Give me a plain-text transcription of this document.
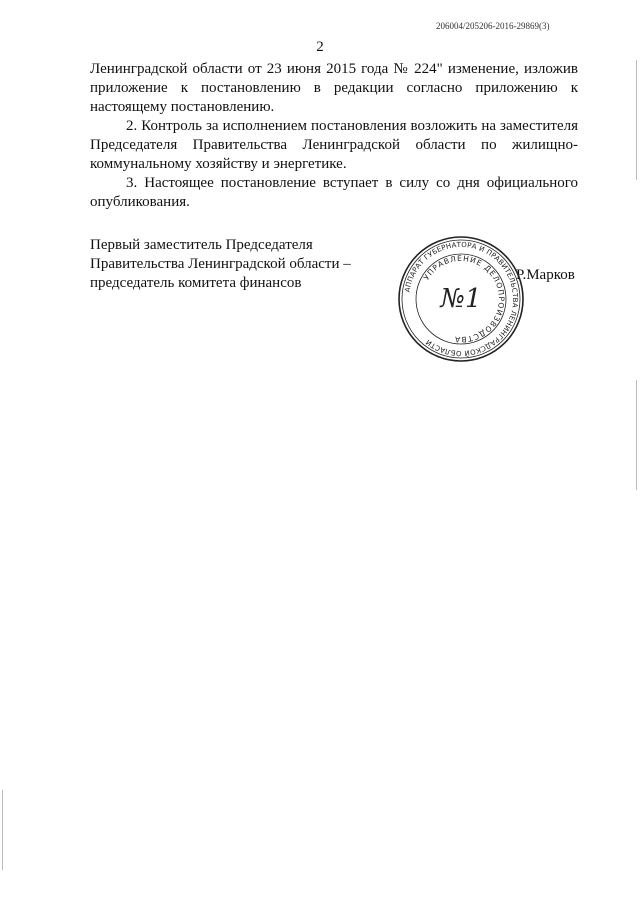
206004/205206-2016-29869(3)
2

Ленинградской области от 23 июня 2015 года № 224" изменение, изложив приложение к постановлению в редакции согласно приложению к настоящему постановлению.

2. Контроль за исполнением постановления возложить на заместителя Председателя Правительства Ленинградской области по жилищно-коммунальному хозяйству и энергетике.

3. Настоящее постановление вступает в силу со дня официального опубликования.

Первый заместитель Председателя
Правительства Ленинградской области –
председатель комитета финансов	Р.Марков
АППАРАТ ГУБЕРНАТОРА И ПРАВИТЕЛЬСТВА ЛЕНИНГРАДСКОЙ ОБЛАСТИ
УПРАВЛЕНИЕ ДЕЛОПРОИЗВОДСТВА
№1
